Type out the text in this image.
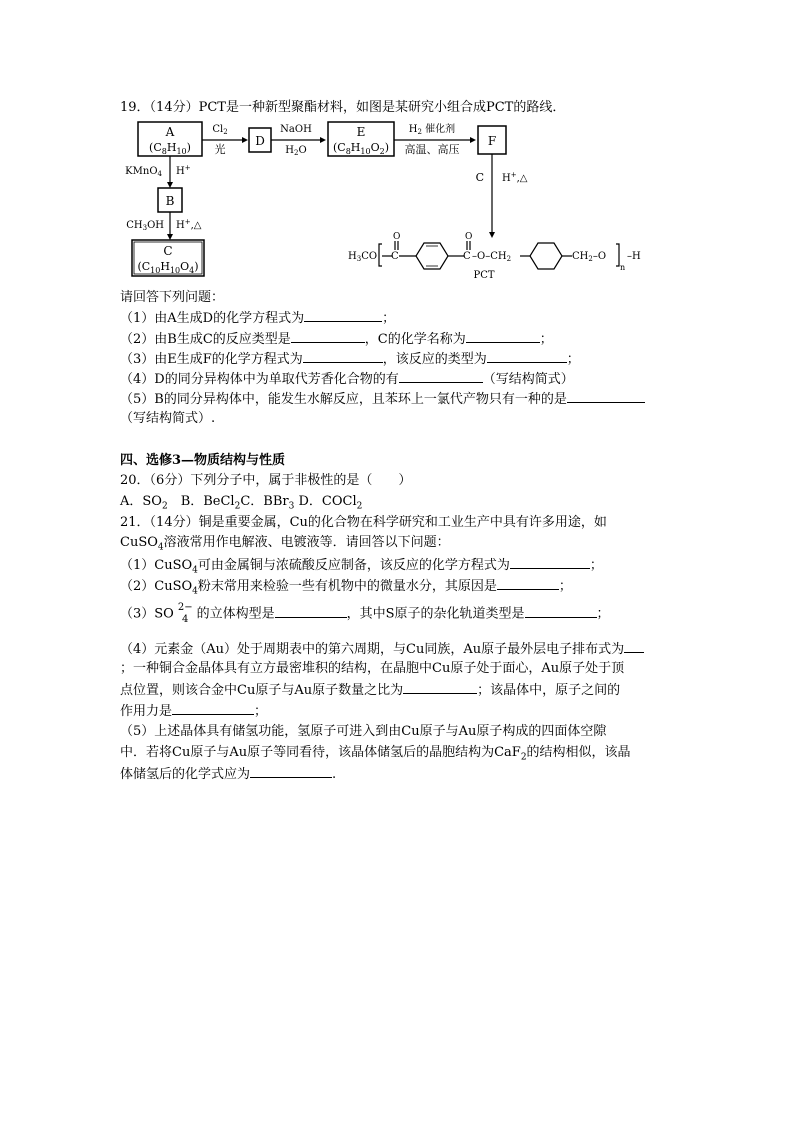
19．（14分）PCT是一种新型聚酯材料，如图是某研究小组合成PCT的路线．
A
$(C_8H_{10})$
$Cl_2$
光
D
NaOH
$H_2O$
E
$(C_8H_{10}O_2)$
$H_2$ 催化剂
高温、高压
F
C H+,△
KMnO$_4$ H+
B
$CH_3OH$ H+,△
C
$(C_{10}H_{10}O_4)$
$H_3CO$ C
O
C
O
$-O-CH_2$	$CH_2-O$
n
–H
PCT
请回答下列问题：
（1）由A生成D的化学方程式为	；
（2）由B生成C的反应类型是	，C的化学名称为	；
（3）由E生成F的化学方程式为	，该反应的类型为	；
（4）D的同分异构体中为单取代芳香化合物的有	（写结构简式）
（5）B的同分异构体中，能发生水解反应，且苯环上一氯代产物只有一种的是
（写结构简式）.
四、选修3—物质结构与性质
20．（6分）下列分子中，属于非极性的是（　　）
A．$SO_2$　B．BeCl$_2$C．BBr$_3$ D．COCl$_2$
21．（14分）铜是重要金属，Cu的化合物在科学研究和工业生产中具有许多用途，如
CuSO$_4$溶液常用作电解液、电镀液等．请回答以下问题：
（1）CuSO$_4$可由金属铜与浓硫酸反应制备，该反应的化学方程式为	；
（2）CuSO$_4$粉末常用来检验一些有机物中的微量水分，其原因是	；
（3）SO 2−
4 的立体构型是	，其中S原子的杂化轨道类型是	；
（4）元素金（Au）处于周期表中的第六周期，与Cu同族，Au原子最外层电子排布式为
；一种铜合金晶体具有立方最密堆积的结构，在晶胞中Cu原子处于面心，Au原子处于顶
点位置，则该合金中Cu原子与Au原子数量之比为	；该晶体中，原子之间的
作用力是	；
（5）上述晶体具有储氢功能，氢原子可进入到由Cu原子与Au原子构成的四面体空隙
中．若将Cu原子与Au原子等同看待，该晶体储氢后的晶胞结构为CaF$_2$的结构相似，该晶
体储氢后的化学式应为	.
